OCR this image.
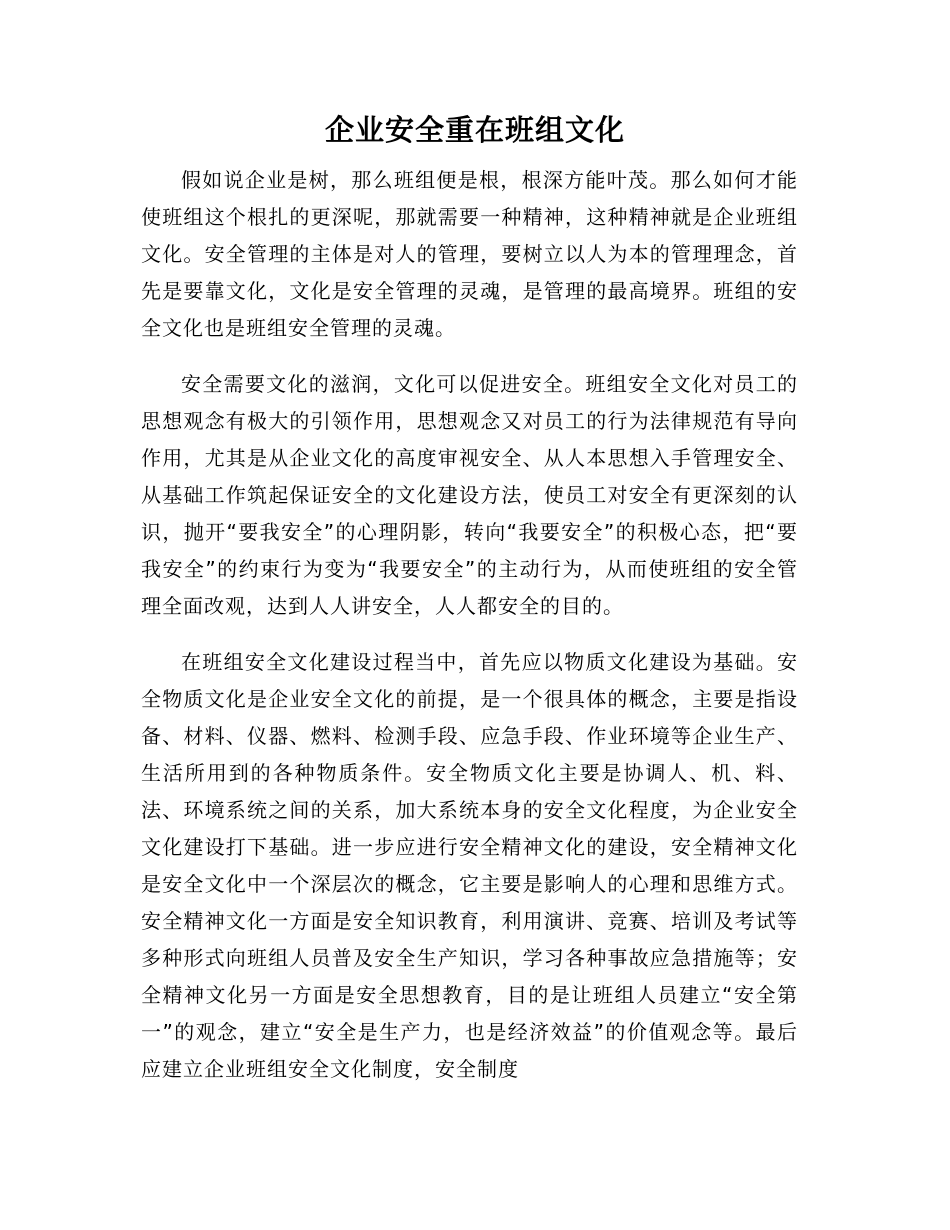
企业安全重在班组文化

假如说企业是树，那么班组便是根，根深方能叶茂。那么如何才能使班组这个根扎的更深呢，那就需要一种精神，这种精神就是企业班组文化。安全管理的主体是对人的管理，要树立以人为本的管理理念，首先是要靠文化，文化是安全管理的灵魂，是管理的最高境界。班组的安全文化也是班组安全管理的灵魂。

安全需要文化的滋润，文化可以促进安全。班组安全文化对员工的思想观念有极大的引领作用，思想观念又对员工的行为法律规范有导向作用，尤其是从企业文化的高度审视安全、从人本思想入手管理安全、从基础工作筑起保证安全的文化建设方法，使员工对安全有更深刻的认识，抛开“要我安全”的心理阴影，转向“我要安全”的积极心态，把“要我安全”的约束行为变为“我要安全”的主动行为，从而使班组的安全管理全面改观，达到人人讲安全，人人都安全的目的。

在班组安全文化建设过程当中，首先应以物质文化建设为基础。安全物质文化是企业安全文化的前提，是一个很具体的概念，主要是指设备、材料、仪器、燃料、检测手段、应急手段、作业环境等企业生产、生活所用到的各种物质条件。安全物质文化主要是协调人、机、料、法、环境系统之间的关系，加大系统本身的安全文化程度，为企业安全文化建设打下基础。进一步应进行安全精神文化的建设，安全精神文化是安全文化中一个深层次的概念，它主要是影响人的心理和思维方式。安全精神文化一方面是安全知识教育，利用演讲、竞赛、培训及考试等多种形式向班组人员普及安全生产知识，学习各种事故应急措施等；安全精神文化另一方面是安全思想教育，目的是让班组人员建立“安全第一”的观念，建立“安全是生产力，也是经济效益”的价值观念等。最后应建立企业班组安全文化制度，安全制度
